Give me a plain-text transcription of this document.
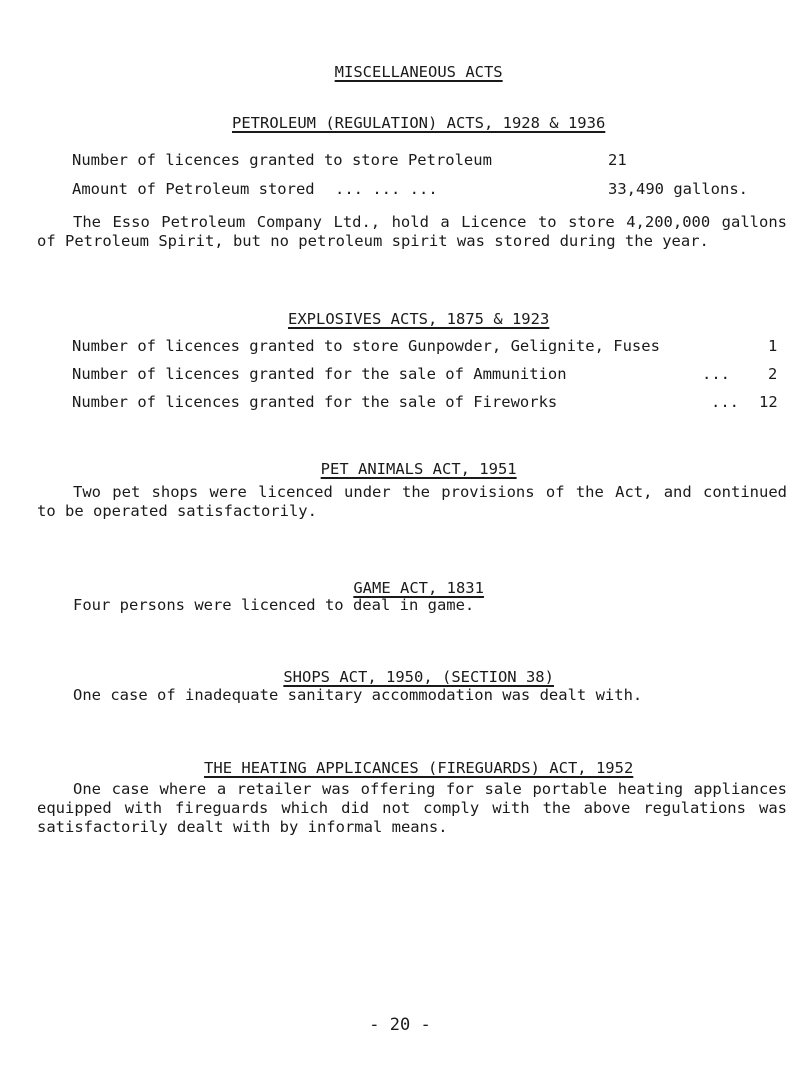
MISCELLANEOUS ACTS

PETROLEUM (REGULATION) ACTS, 1928 & 1936

Number of licences granted to store Petroleum	21
Amount of Petroleum stored ... ... ...	33,490 gallons.
The Esso Petroleum Company Ltd., hold a Licence to store 4,200,000 gallons of Petroleum Spirit, but no petroleum spirit was stored during the year.

EXPLOSIVES ACTS, 1875 & 1923

Number of licences granted to store Gunpowder, Gelignite, Fuses	1
Number of licences granted for the sale of Ammunition	... 2
Number of licences granted for the sale of Fireworks	... 12

PET ANIMALS ACT, 1951

Two pet shops were licenced under the provisions of the Act, and continued to be operated satisfactorily.

GAME ACT, 1831

Four persons were licenced to deal in game.

SHOPS ACT, 1950, (SECTION 38)

One case of inadequate sanitary accommodation was dealt with.

THE HEATING APPLICANCES (FIREGUARDS) ACT, 1952

One case where a retailer was offering for sale portable heating appliances equipped with fireguards which did not comply with the above regulations was satisfactorily dealt with by informal means.
- 20 -
